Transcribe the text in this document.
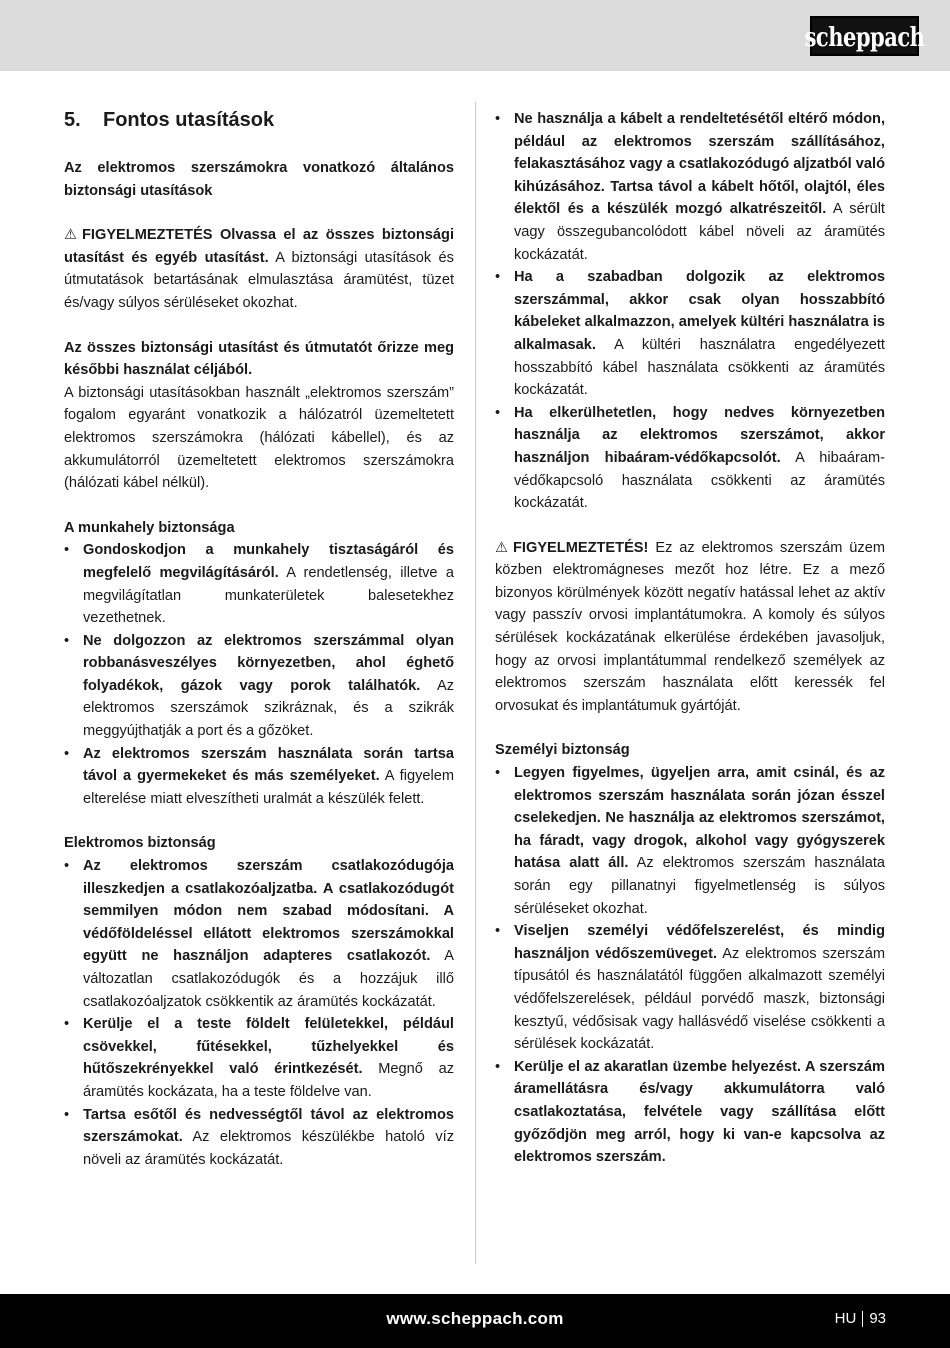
scheppach
5.	Fontos utasítások

Az elektromos szerszámokra vonatkozó általános biztonsági utasítások

⚠ FIGYELMEZTETÉS Olvassa el az összes biztonsági utasítást és egyéb utasítást. A biztonsági utasítások és útmutatások betartásának elmulasztása áramütést, tüzet és/vagy súlyos sérüléseket okozhat.

Az összes biztonsági utasítást és útmutatót őrizze meg későbbi használat céljából.

A biztonsági utasításokban használt „elektromos szerszám” fogalom egyaránt vonatkozik a hálózatról üzemeltetett elektromos szerszámokra (hálózati kábellel), és az akkumulátorról üzemeltetett elektromos szerszámokra (hálózati kábel nélkül).

A munkahely biztonsága

• Gondoskodjon a munkahely tisztaságáról és megfelelő megvilágításáról. A rendetlenség, illetve a megvilágítatlan munkaterületek balesetekhez vezethetnek.
• Ne dolgozzon az elektromos szerszámmal olyan robbanásveszélyes környezetben, ahol éghető folyadékok, gázok vagy porok találhatók. Az elektromos szerszámok szikráznak, és a szikrák meggyújthatják a port és a gőzöket.
• Az elektromos szerszám használata során tartsa távol a gyermekeket és más személyeket. A figyelem elterelése miatt elveszítheti uralmát a készülék felett.

Elektromos biztonság

• Az elektromos szerszám csatlakozódugója illeszkedjen a csatlakozóaljzatba. A csatlakozódugót semmilyen módon nem szabad módosítani. A védőföldeléssel ellátott elektromos szerszámokkal együtt ne használjon adapteres csatlakozót. A változatlan csatlakozódugók és a hozzájuk illő csatlakozóaljzatok csökkentik az áramütés kockázatát.
• Kerülje el a teste földelt felületekkel, például csövekkel, fűtésekkel, tűzhelyekkel és hűtőszekrényekkel való érintkezését. Megnő az áramütés kockázata, ha a teste földelve van.
• Tartsa esőtől és nedvességtől távol az elektromos szerszámokat. Az elektromos készülékbe hatoló víz növeli az áramütés kockázatát.
• Ne használja a kábelt a rendeltetésétől eltérő módon, például az elektromos szerszám szállításához, felakasztásához vagy a csatlakozódugó aljzatból való kihúzásához. Tartsa távol a kábelt hőtől, olajtól, éles élektől és a készülék mozgó alkatrészeitől. A sérült vagy összegubancolódott kábel növeli az áramütés kockázatát.
• Ha a szabadban dolgozik az elektromos szerszámmal, akkor csak olyan hosszabbító kábeleket alkalmazzon, amelyek kültéri használatra is alkalmasak. A kültéri használatra engedélyezett hosszabbító kábel használata csökkenti az áramütés kockázatát.
• Ha elkerülhetetlen, hogy nedves környezetben használja az elektromos szerszámot, akkor használjon hibaáram-védőkapcsolót. A hibaáram-védőkapcsoló használata csökkenti az áramütés kockázatát.

⚠ FIGYELMEZTETÉS! Ez az elektromos szerszám üzem közben elektromágneses mezőt hoz létre. Ez a mező bizonyos körülmények között negatív hatással lehet az aktív vagy passzív orvosi implantátumokra. A komoly és súlyos sérülések kockázatának elkerülése érdekében javasoljuk, hogy az orvosi implantátummal rendelkező személyek az elektromos szerszám használata előtt keressék fel orvosukat és implantátumuk gyártóját.

Személyi biztonság

• Legyen figyelmes, ügyeljen arra, amit csinál, és az elektromos szerszám használata során józan ésszel cselekedjen. Ne használja az elektromos szerszámot, ha fáradt, vagy drogok, alkohol vagy gyógyszerek hatása alatt áll. Az elektromos szerszám használata során egy pillanatnyi figyelmetlenség is súlyos sérüléseket okozhat.
• Viseljen személyi védőfelszerelést, és mindig használjon védőszemüveget. Az elektromos szerszám típusától és használatától függően alkalmazott személyi védőfelszerelések, például porvédő maszk, biztonsági kesztyű, védősisak vagy hallásvédő viselése csökkenti a sérülések kockázatát.
• Kerülje el az akaratlan üzembe helyezést. A szerszám áramellátásra és/vagy akkumulátorra való csatlakoztatása, felvétele vagy szállítása előtt győződjön meg arról, hogy ki van-e kapcsolva az elektromos szerszám.
www.scheppach.com	HU 93
